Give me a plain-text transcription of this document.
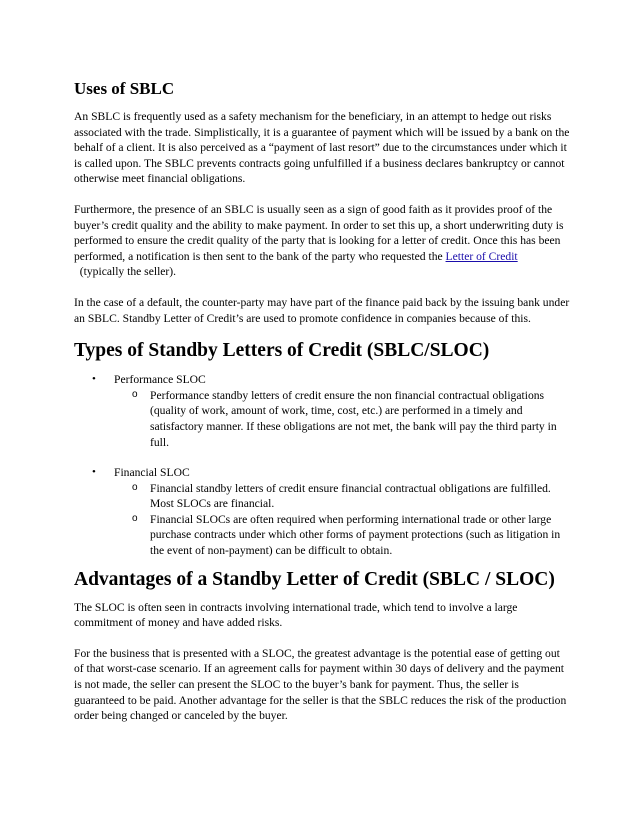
Uses of SBLC

An SBLC is frequently used as a safety mechanism for the beneficiary, in an attempt to hedge out risks associated with the trade. Simplistically, it is a guarantee of payment which will be issued by a bank on the behalf of a client. It is also perceived as a “payment of last resort” due to the circumstances under which it is called upon. The SBLC prevents contracts going unfulfilled if a business declares bankruptcy or cannot otherwise meet financial obligations.

Furthermore, the presence of an SBLC is usually seen as a sign of good faith as it provides proof of the buyer’s credit quality and the ability to make payment. In order to set this up, a short underwriting duty is performed to ensure the credit quality of the party that is looking for a letter of credit. Once this has been performed, a notification is then sent to the bank of the party who requested the Letter of Credit  (typically the seller).

In the case of a default, the counter-party may have part of the finance paid back by the issuing bank under an SBLC. Standby Letter of Credit’s are used to promote confidence in companies because of this.

Types of Standby Letters of Credit (SBLC/SLOC)
• Performance SLOC
o Performance standby letters of credit ensure the non financial contractual obligations (quality of work, amount of work, time, cost, etc.) are performed in a timely and satisfactory manner. If these obligations are not met, the bank will pay the third party in full.
• Financial SLOC
o Financial standby letters of credit ensure financial contractual obligations are fulfilled. Most SLOCs are financial.
o Financial SLOCs are often required when performing international trade or other large purchase contracts under which other forms of payment protections (such as litigation in the event of non-payment) can be difficult to obtain.
Advantages of a Standby Letter of Credit (SBLC / SLOC)

The SLOC is often seen in contracts involving international trade, which tend to involve a large commitment of money and have added risks.

For the business that is presented with a SLOC, the greatest advantage is the potential ease of getting out of that worst-case scenario. If an agreement calls for payment within 30 days of delivery and the payment is not made, the seller can present the SLOC to the buyer’s bank for payment. Thus, the seller is guaranteed to be paid. Another advantage for the seller is that the SBLC reduces the risk of the production order being changed or canceled by the buyer.
